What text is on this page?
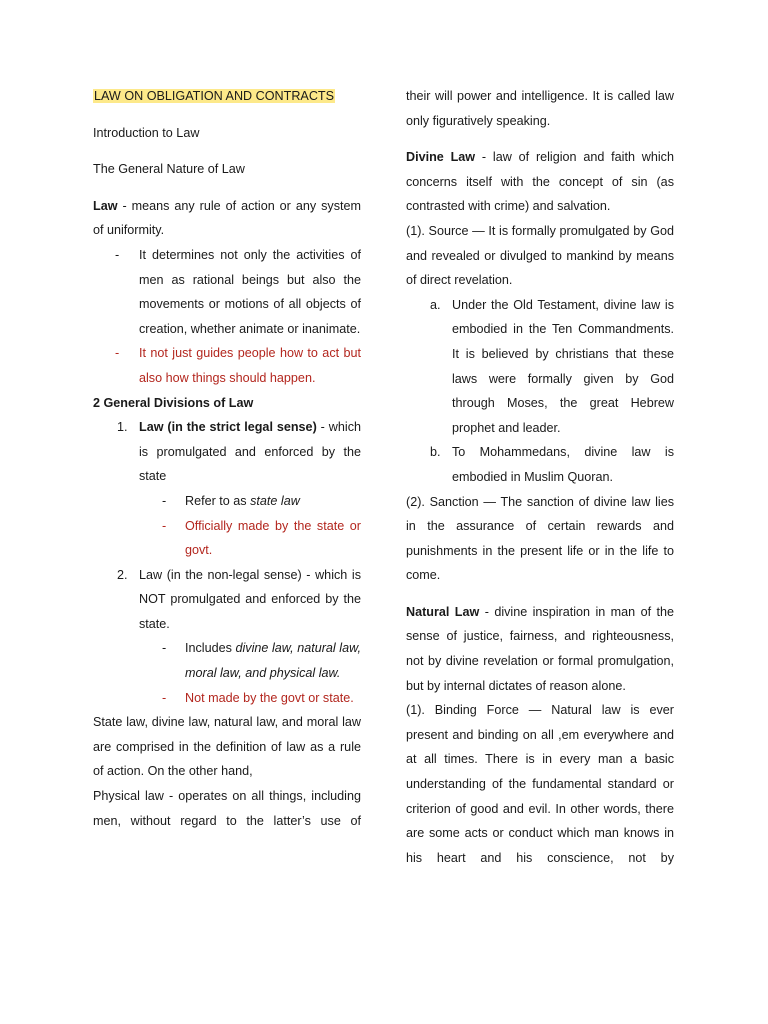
LAW ON OBLIGATION AND CONTRACTS

Introduction to Law

The General Nature of Law

Law - means any rule of action or any system of uniformity.

-	It determines not only the activities of men as rational beings but also the movements or motions of all objects of creation, whether animate or inanimate.
-	It not just guides people how to act but also how things should happen.

2 General Divisions of Law

1. Law (in the strict legal sense) - which is promulgated and enforced by the state
-	Refer to as state law
-	Officially made by the state or govt.
2. Law (in the non-legal sense) - which is NOT promulgated and enforced by the state.
-	Includes divine law, natural law, moral law, and physical law.
-	Not made by the govt or state.

State law, divine law, natural law, and moral law are comprised in the definition of law as a rule of action. On the other hand,

Physical law - operates on all things, including men, without regard to the latter’s use of

their will power and intelligence. It is called law only figuratively speaking.

Divine Law - law of religion and faith which concerns itself with the concept of sin (as contrasted with crime) and salvation.

(1). Source — It is formally promulgated by God and revealed or divulged to mankind by means of direct revelation.

a. Under the Old Testament, divine law is embodied in the Ten Commandments. It is believed by christians that these laws were formally given by God through Moses, the great Hebrew prophet and leader.
b. To Mohammedans, divine law is embodied in Muslim Quoran.

(2). Sanction — The sanction of divine law lies in the assurance of certain rewards and punishments in the present life or in the life to come.

Natural Law - divine inspiration in man of the sense of justice, fairness, and righteousness, not by divine revelation or formal promulgation, but by internal dictates of reason alone.

(1). Binding Force — Natural law is ever present and binding on all ,em everywhere and at all times. There is in every man a basic understanding of the fundamental standard or criterion of good and evil. In other words, there are some acts or conduct which man knows in his heart and his conscience, not by
